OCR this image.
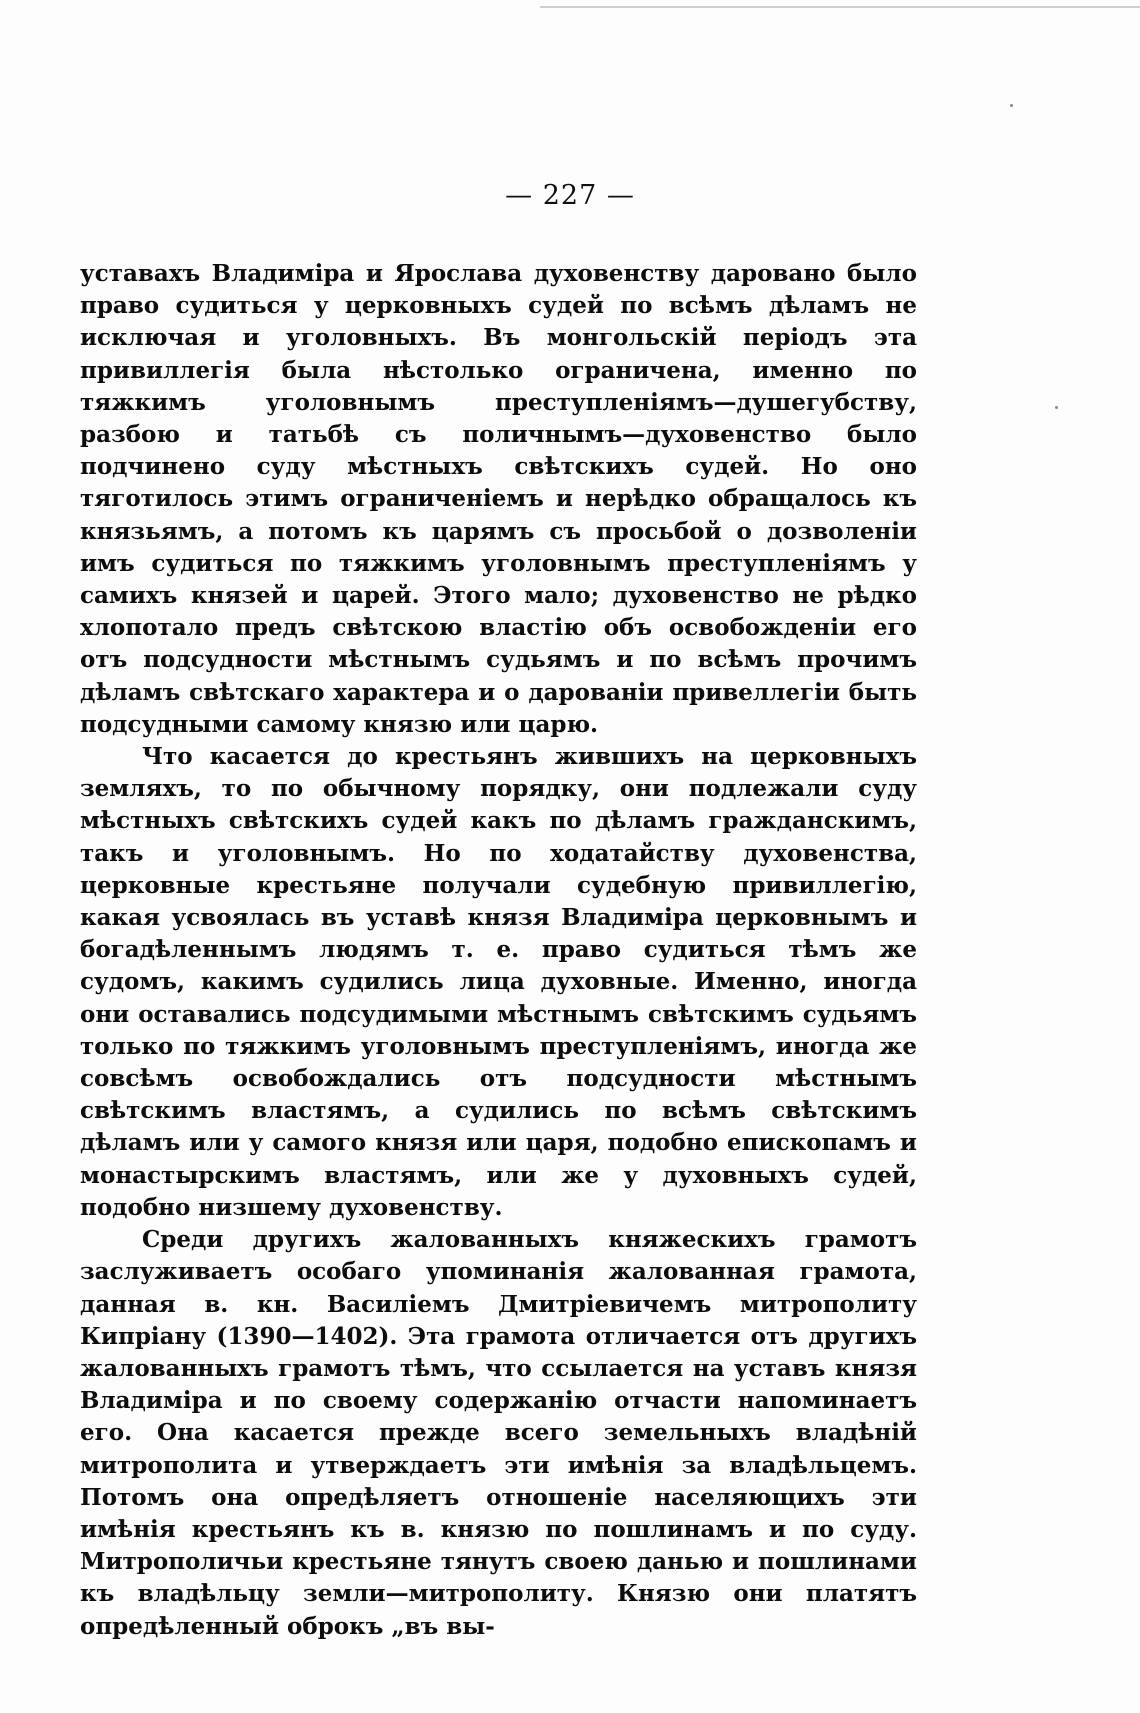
— 227 —

уставахъ Владиміра и Ярослава духовенству даровано было право судиться у церковныхъ судей по всѣмъ дѣламъ не исключая и уголовныхъ. Въ монгольскій періодъ эта привиллегія была нѣстолько ограничена, именно по тяжкимъ уголовнымъ преступленіямъ—душегубству, разбою и татьбѣ съ поличнымъ—духовенство было подчинено суду мѣстныхъ свѣтскихъ судей. Но оно тяготилось этимъ ограниченіемъ и нерѣдко обращалось къ князьямъ, а потомъ къ царямъ съ просьбой о дозволеніи имъ судиться по тяжкимъ уголовнымъ преступленіямъ у самихъ князей и царей. Этого мало; духовенство не рѣдко хлопотало предъ свѣтскою властію объ освобожденіи его отъ подсудности мѣстнымъ судьямъ и по всѣмъ прочимъ дѣламъ свѣтскаго характера и о дарованіи привеллегіи быть подсудными самому князю или царю.

Что касается до крестьянъ жившихъ на церковныхъ земляхъ, то по обычному порядку, они подлежали суду мѣстныхъ свѣтскихъ судей какъ по дѣламъ гражданскимъ, такъ и уголовнымъ. Но по ходатайству духовенства, церковные крестьяне получали судебную привиллегію, какая усвоялась въ уставѣ князя Владиміра церковнымъ и богадѣленнымъ людямъ т. е. право судиться тѣмъ же судомъ, какимъ судились лица духовные. Именно, иногда они оставались подсудимыми мѣстнымъ свѣтскимъ судьямъ только по тяжкимъ уголовнымъ преступленіямъ, иногда же совсѣмъ освобождались отъ подсудности мѣстнымъ свѣтскимъ властямъ, а судились по всѣмъ свѣтскимъ дѣламъ или у самого князя или царя, подобно епископамъ и монастырскимъ властямъ, или же у духовныхъ судей, подобно низшему духовенству.

Среди другихъ жалованныхъ княжескихъ грамотъ заслуживаетъ особаго упоминанія жалованная грамота, данная в. кн. Василіемъ Дмитріевичемъ митрополиту Кипріану (1390—1402). Эта грамота отличается отъ другихъ жалованныхъ грамотъ тѣмъ, что ссылается на уставъ князя Владиміра и по своему содержанію отчасти напоминаетъ его. Она касается прежде всего земельныхъ владѣній митрополита и утверждаетъ эти имѣнія за владѣльцемъ. Потомъ она опредѣляетъ отношеніе населяющихъ эти имѣнія крестьянъ къ в. князю по пошлинамъ и по суду. Митрополичьи крестьяне тянутъ своею данью и пошлинами къ владѣльцу земли—митрополиту. Князю они платятъ опредѣленный оброкъ „въ вы-
